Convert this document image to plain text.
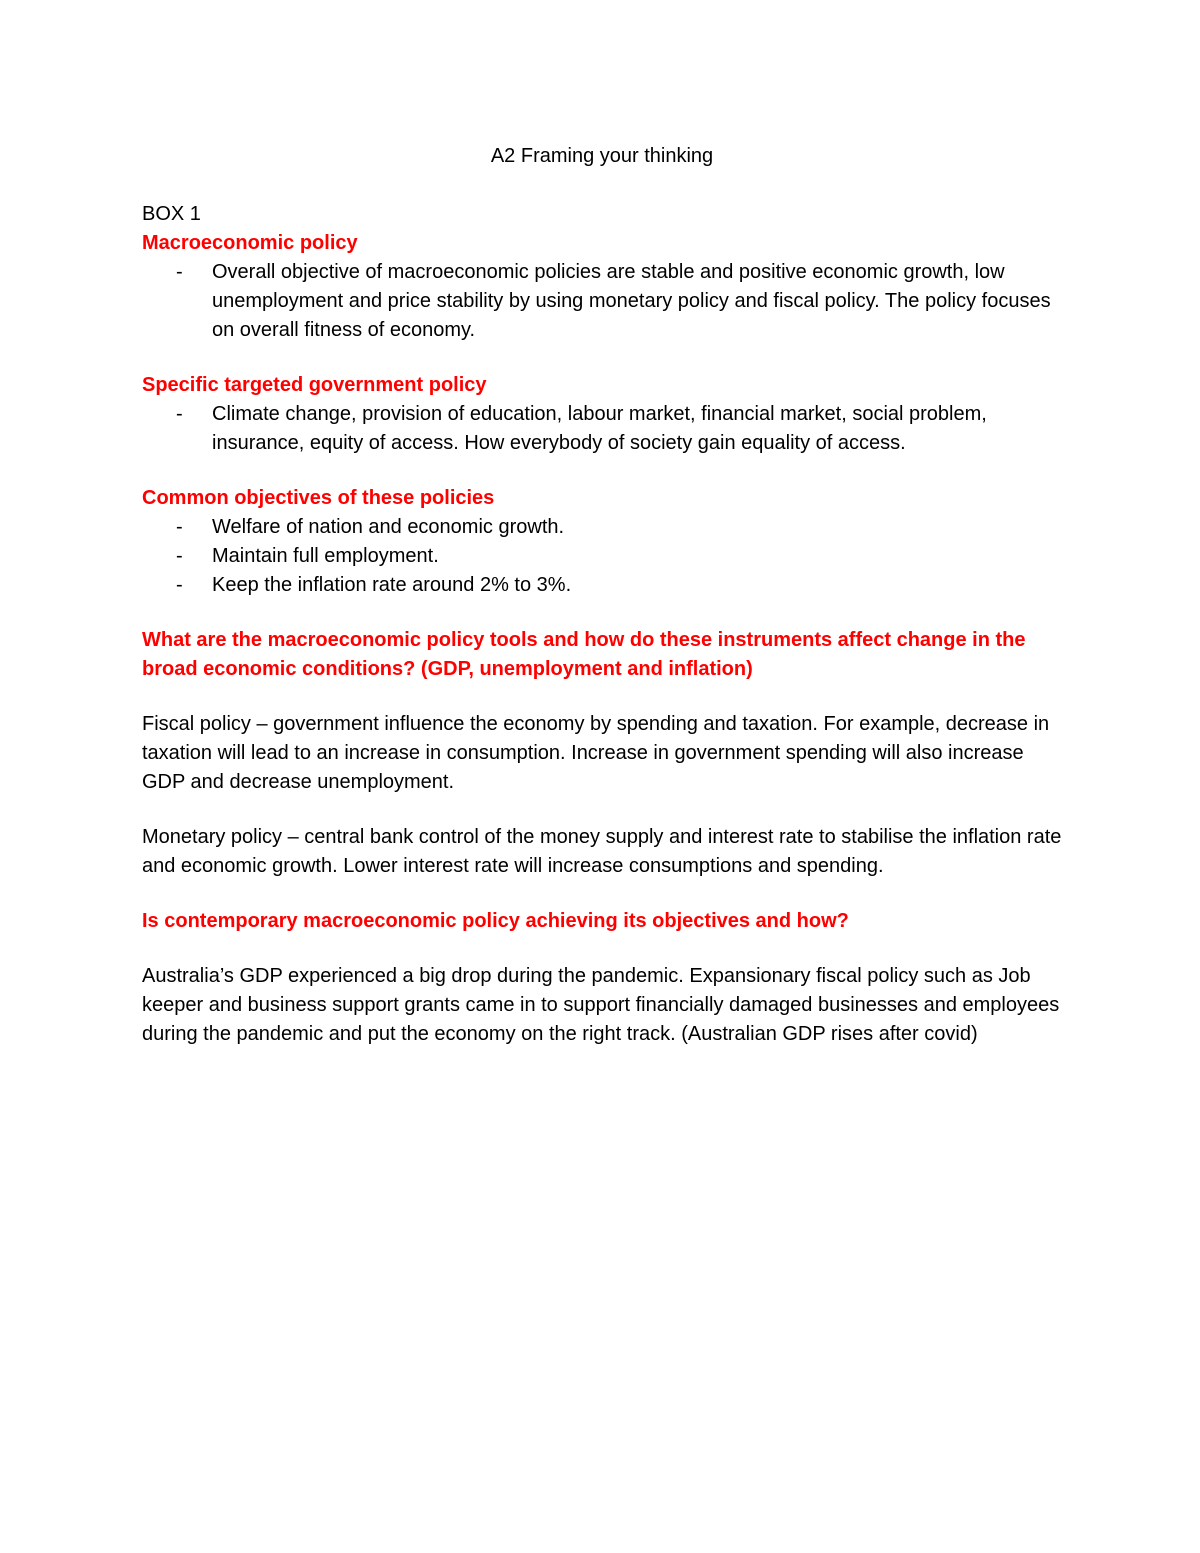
A2 Framing your thinking
BOX 1
Macroeconomic policy
- Overall objective of macroeconomic policies are stable and positive economic growth, low unemployment and price stability by using monetary policy and fiscal policy. The policy focuses on overall fitness of economy.
Specific targeted government policy
- Climate change, provision of education, labour market, financial market, social problem, insurance, equity of access. How everybody of society gain equality of access.
Common objectives of these policies
- Welfare of nation and economic growth.
- Maintain full employment.
- Keep the inflation rate around 2% to 3%.
What are the macroeconomic policy tools and how do these instruments affect change in the broad economic conditions? (GDP, unemployment and inflation)

Fiscal policy – government influence the economy by spending and taxation. For example, decrease in taxation will lead to an increase in consumption. Increase in government spending will also increase GDP and decrease unemployment.

Monetary policy – central bank control of the money supply and interest rate to stabilise the inflation rate and economic growth. Lower interest rate will increase consumptions and spending.

Is contemporary macroeconomic policy achieving its objectives and how?

Australia’s GDP experienced a big drop during the pandemic. Expansionary fiscal policy such as Job keeper and business support grants came in to support financially damaged businesses and employees during the pandemic and put the economy on the right track. (Australian GDP rises after covid)
